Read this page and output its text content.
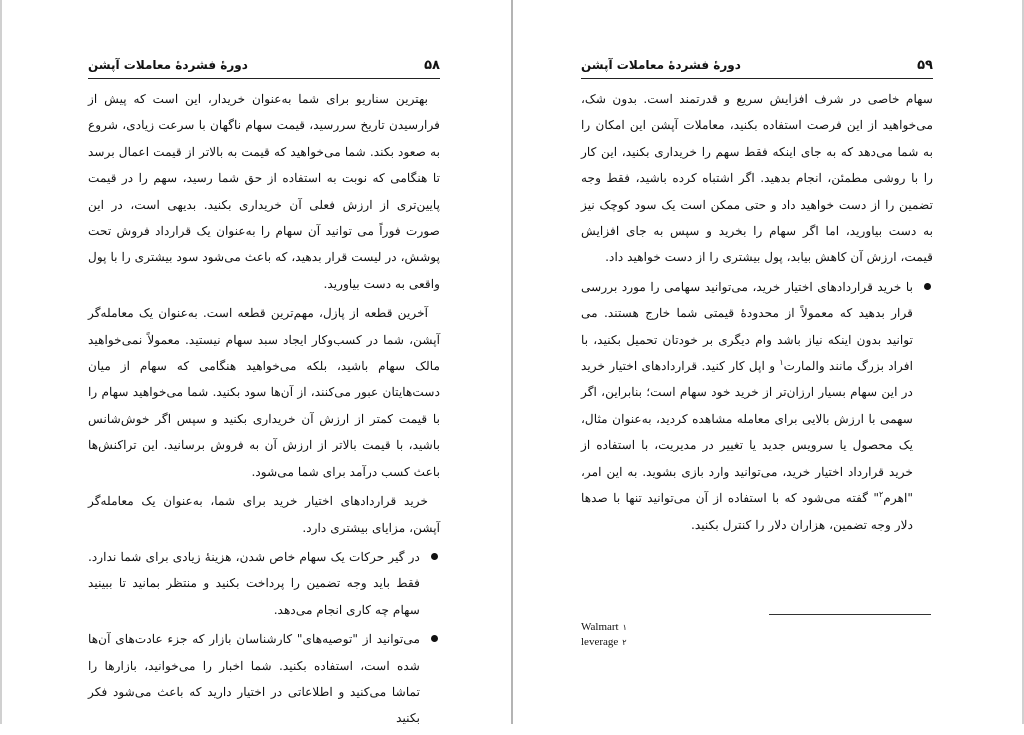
دورهٔ فشردهٔ معاملات آپشن	۵۸

بهترین سناریو برای شما به‌عنوان خریدار، این است که پیش از فرارسیدن تاریخ سررسید، قیمت سهام ناگهان با سرعت زیادی، شروع به صعود بکند. شما می‌خواهید که قیمت به بالاتر از قیمت اعمال برسد تا هنگامی که نوبت به استفاده از حق شما رسید، سهم را در قیمت پایین‌تری از ارزش فعلی آن خریداری بکنید. بدیهی است، در این صورت فوراً می توانید آن سهام را به‌عنوان یک قرارداد فروش تحت پوشش، در لیست قرار بدهید، که باعث می‌شود سود بیشتری را با پول واقعی به دست بیاورید.

آخرین قطعه از پازل، مهم‌ترین قطعه است. به‌عنوان یک معامله‌گر آپشن، شما در کسب‌وکار ایجاد سبد سهام نیستید. معمولاً نمی‌خواهید مالک سهام باشید، بلکه می‌خواهید هنگامی که سهام از میان دست‌هایتان عبور می‌کنند، از آن‌ها سود بکنید. شما می‌خواهید سهام را با قیمت کمتر از ارزش آن خریداری بکنید و سپس اگر خوش‌شانس باشید، با قیمت بالاتر از ارزش آن به فروش برسانید. این تراکنش‌ها باعث کسب درآمد برای شما می‌شود.

خرید قراردادهای اختیار خرید برای شما، به‌عنوان یک معامله‌گر آپشن، مزایای بیشتری دارد.

در گیر حرکات یک سهام خاص شدن، هزینهٔ زیادی برای شما ندارد. فقط باید وجه تضمین را پرداخت بکنید و منتظر بمانید تا ببینید سهام چه کاری انجام می‌دهد.
می‌توانید از "توصیه‌های" کارشناسان بازار که جزء عادت‌های آن‌ها شده است، استفاده بکنید. شما اخبار را می‌خوانید، بازارها را تماشا می‌کنید و اطلاعاتی در اختیار دارید که باعث می‌شود فکر بکنید
دورهٔ فشردهٔ معاملات آپشن	۵۹

سهام خاصی در شرف افزایش سریع و قدرتمند است. بدون شک، می‌خواهید از این فرصت استفاده بکنید، معاملات آپشن این امکان را به شما می‌دهد که به جای اینکه فقط سهم را خریداری بکنید، این کار را با روشی مطمئن، انجام بدهید. اگر اشتباه کرده باشید، فقط وجه تضمین را از دست خواهید داد و حتی ممکن است یک سود کوچک نیز به دست بیاورید، اما اگر سهام را بخرید و سپس به جای افزایش قیمت، ارزش آن کاهش بیابد، پول بیشتری را از دست خواهید داد.

با خرید قراردادهای اختیار خرید، می‌توانید سهامی را مورد بررسی قرار بدهید که معمولاً از محدودهٔ قیمتی شما خارج هستند. می توانید بدون اینکه نیاز باشد وام دیگری بر خودتان تحمیل بکنید، با افراد بزرگ مانند والمارت$^۱$ و اپل کار کنید. قراردادهای اختیار خرید در این سهام بسیار ارزان‌تر از خرید خود سهام است؛ بنابراین، اگر سهمی با ارزش بالایی برای معامله مشاهده کردید، به‌عنوان مثال، یک محصول یا سرویس جدید یا تغییر در مدیریت، با استفاده از خرید قرارداد اختیار خرید، می‌توانید وارد بازی بشوید. به این امر، "اهرم$^۲$" گفته می‌شود که با استفاده از آن می‌توانید تنها با صدها دلار وجه تضمین، هزاران دلار را کنترل بکنید.
۱
Walmart
۲
leverage
